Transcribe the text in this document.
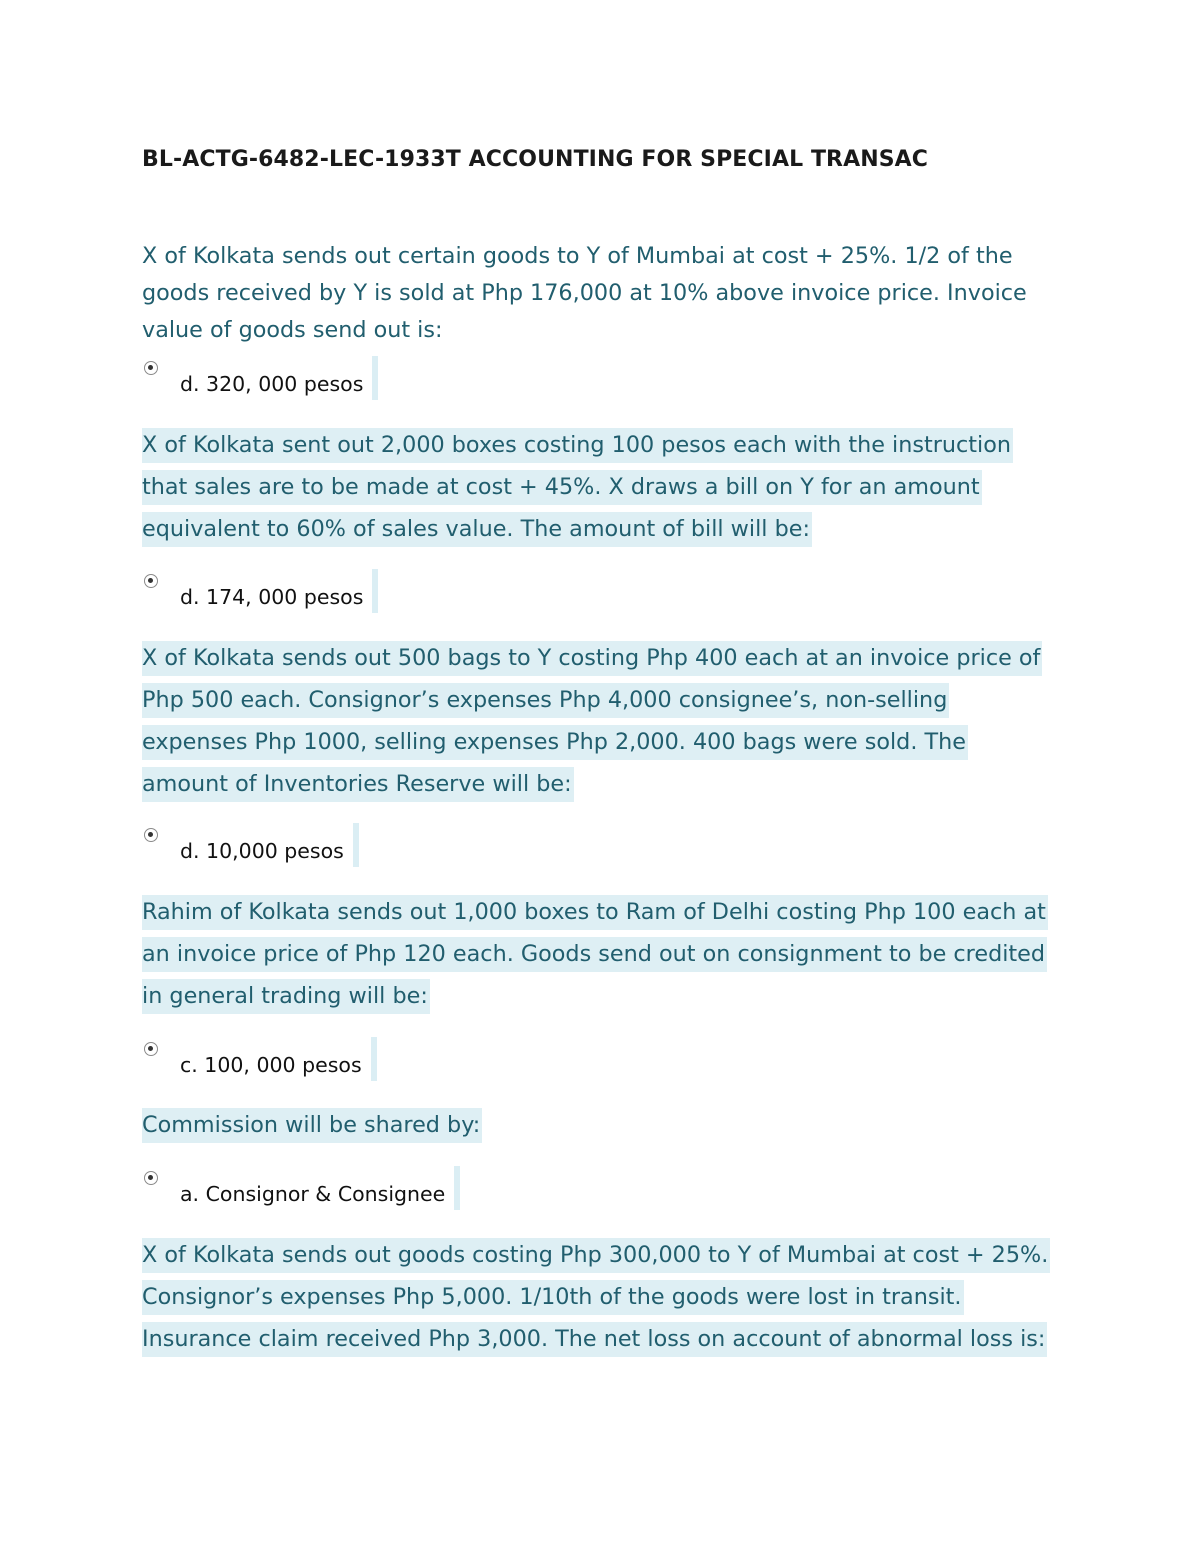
BL-ACTG-6482-LEC-1933T ACCOUNTING FOR SPECIAL TRANSAC

X of Kolkata sends out certain goods to Y of Mumbai at cost + 25%. 1/2 of the goods received by Y is sold at Php 176,000 at 10% above invoice price. Invoice value of goods send out is:

d. 320, 000 pesos

X of Kolkata sent out 2,000 boxes costing 100 pesos each with the instruction that sales are to be made at cost + 45%. X draws a bill on Y for an amount equivalent to 60% of sales value. The amount of bill will be:

d. 174, 000 pesos

X of Kolkata sends out 500 bags to Y costing Php 400 each at an invoice price of Php 500 each. Consignor’s expenses Php 4,000 consignee’s, non-selling expenses Php 1000, selling expenses Php 2,000. 400 bags were sold. The amount of Inventories Reserve will be:

d. 10,000 pesos

Rahim of Kolkata sends out 1,000 boxes to Ram of Delhi costing Php 100 each at an invoice price of Php 120 each. Goods send out on consignment to be credited in general trading will be:

c. 100, 000 pesos

Commission will be shared by:

a. Consignor & Consignee

X of Kolkata sends out goods costing Php 300,000 to Y of Mumbai at cost + 25%. Consignor’s expenses Php 5,000. 1/10th of the goods were lost in transit. Insurance claim received Php 3,000. The net loss on account of abnormal loss is:
